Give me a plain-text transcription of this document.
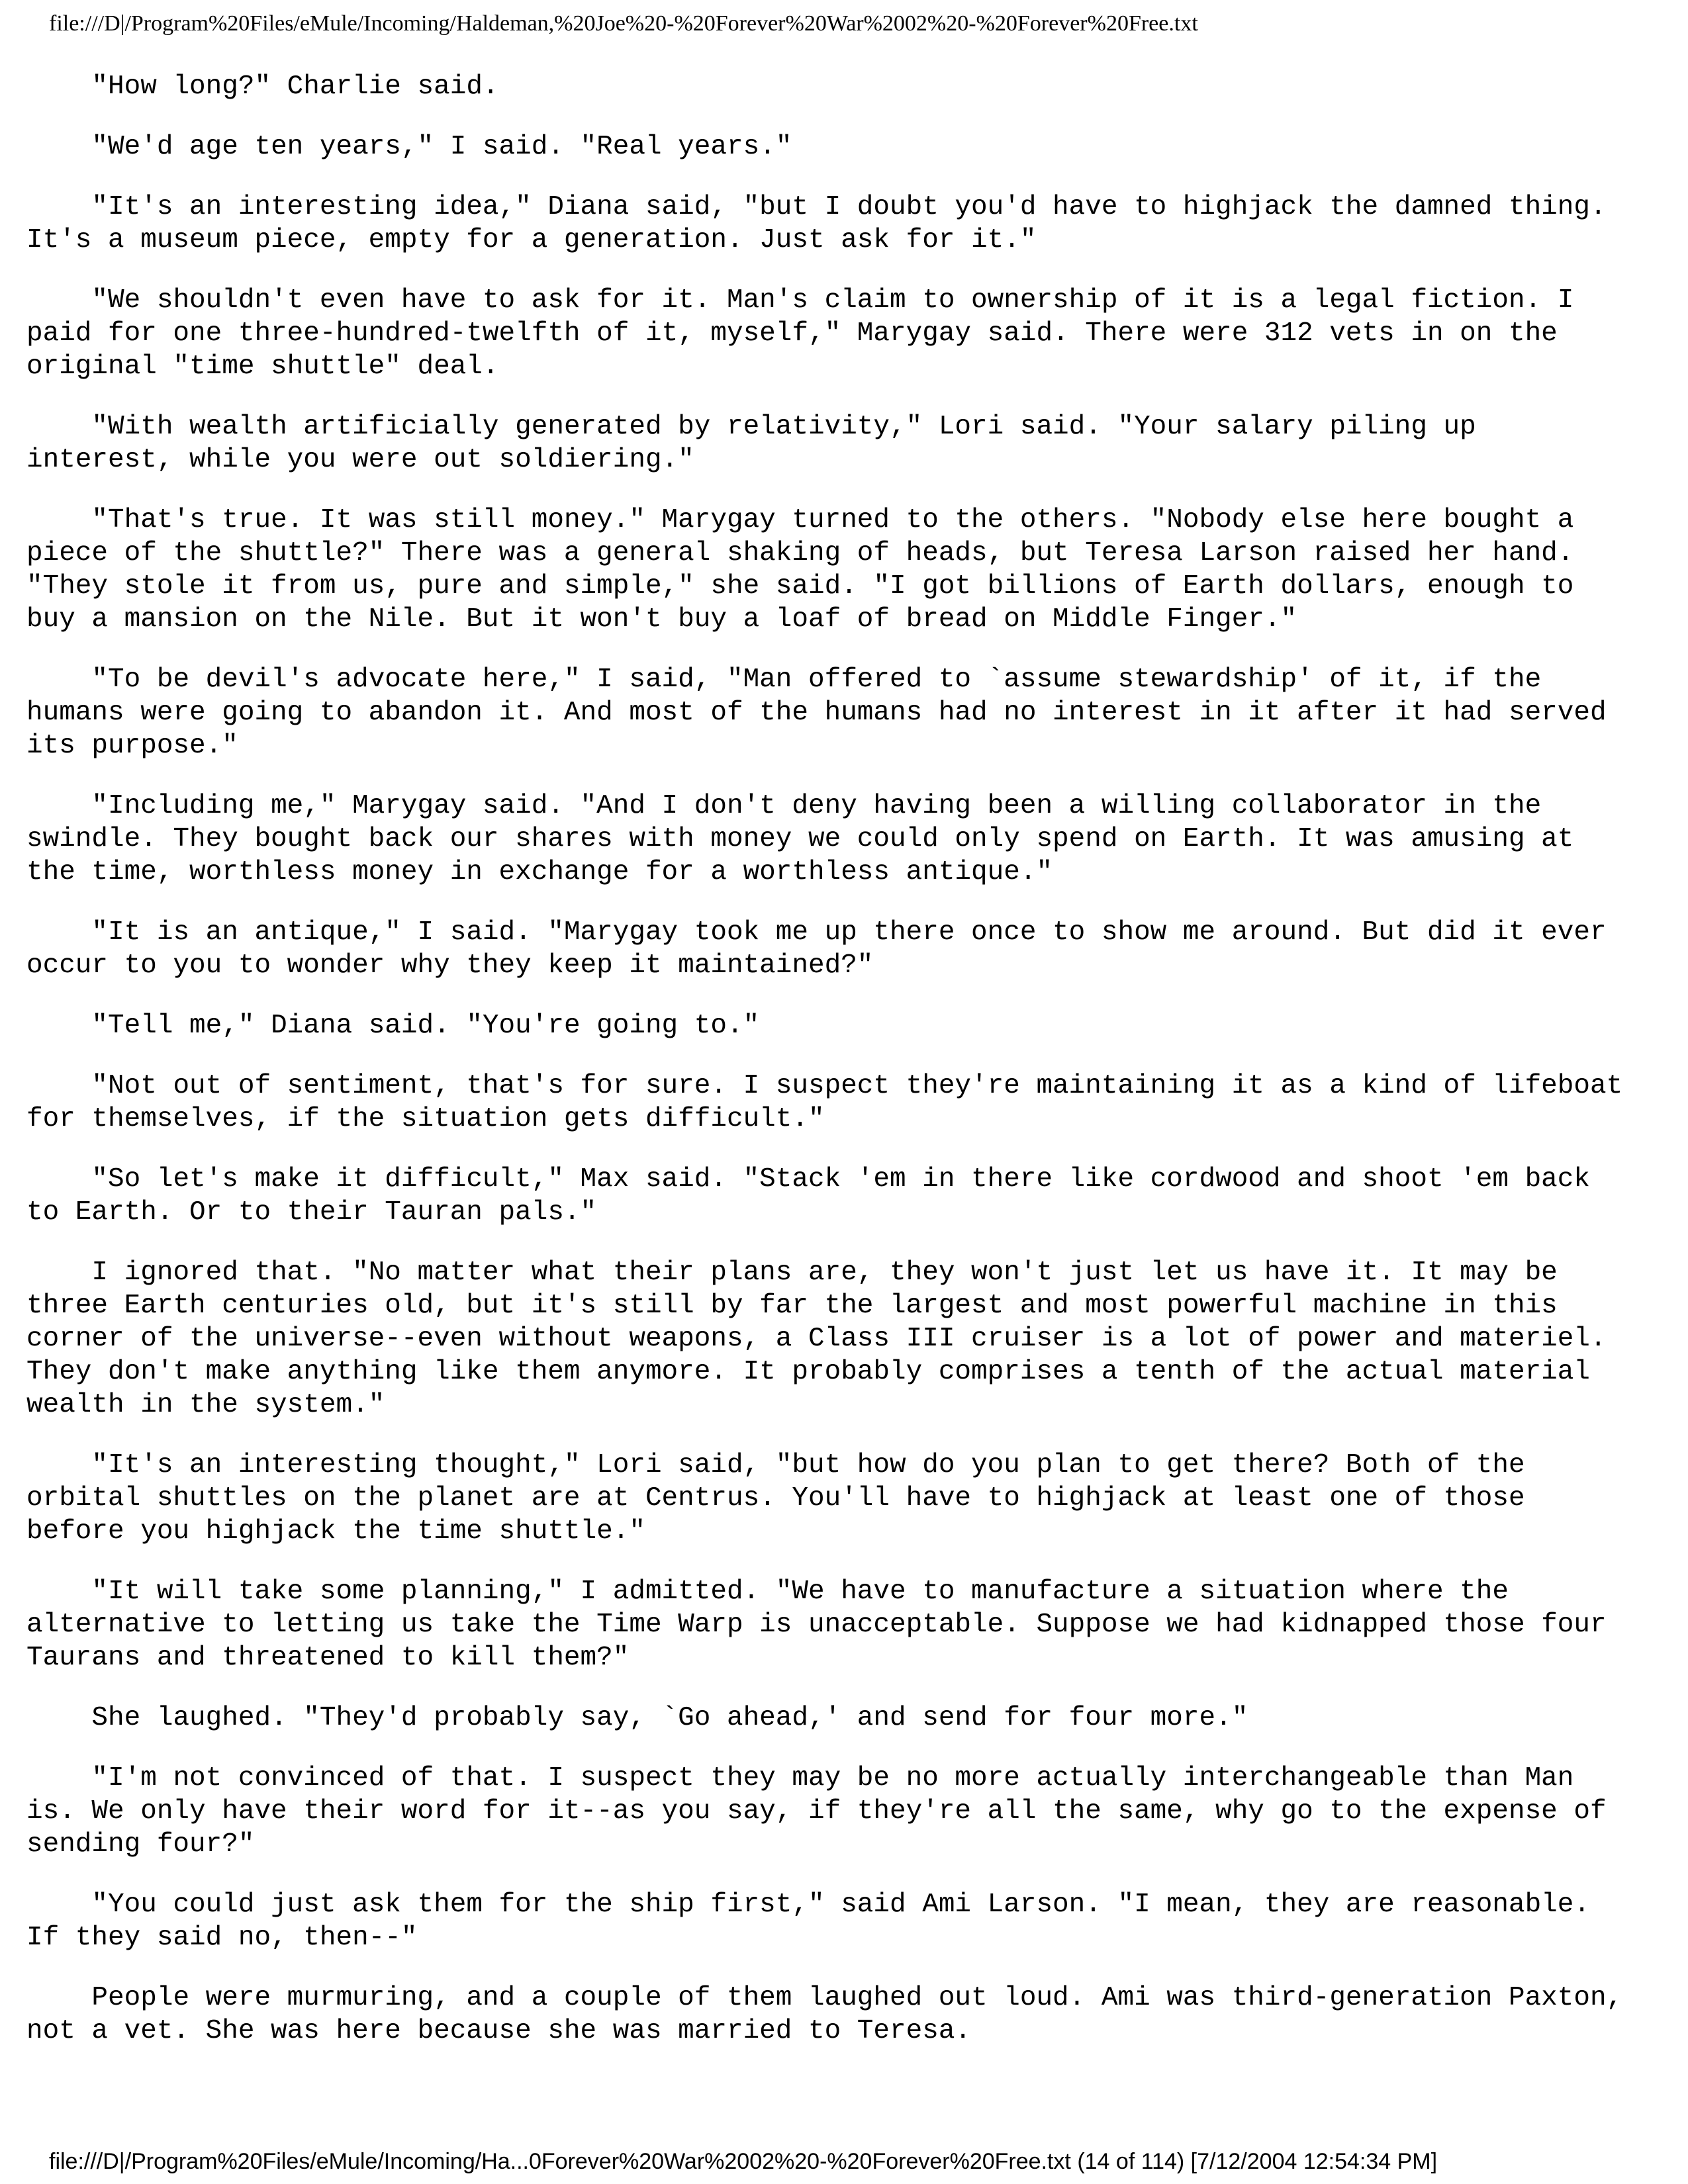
file:///D|/Program%20Files/eMule/Incoming/Haldeman,%20Joe%20-%20Forever%20War%2002%20-%20Forever%20Free.txt

"How long?" Charlie said.

"We'd age ten years," I said. "Real years."

"It's an interesting idea," Diana said, "but I doubt you'd have to highjack the damned thing.
It's a museum piece, empty for a generation. Just ask for it."

"We shouldn't even have to ask for it. Man's claim to ownership of it is a legal fiction. I
paid for one three-hundred-twelfth of it, myself," Marygay said. There were 312 vets in on the
original "time shuttle" deal.

"With wealth artificially generated by relativity," Lori said. "Your salary piling up
interest, while you were out soldiering."

"That's true. It was still money." Marygay turned to the others. "Nobody else here bought a
piece of the shuttle?" There was a general shaking of heads, but Teresa Larson raised her hand.
"They stole it from us, pure and simple," she said. "I got billions of Earth dollars, enough to
buy a mansion on the Nile. But it won't buy a loaf of bread on Middle Finger."

"To be devil's advocate here," I said, "Man offered to `assume stewardship' of it, if the
humans were going to abandon it. And most of the humans had no interest in it after it had served
its purpose."

"Including me," Marygay said. "And I don't deny having been a willing collaborator in the
swindle. They bought back our shares with money we could only spend on Earth. It was amusing at
the time, worthless money in exchange for a worthless antique."

"It is an antique," I said. "Marygay took me up there once to show me around. But did it ever
occur to you to wonder why they keep it maintained?"

"Tell me," Diana said. "You're going to."

"Not out of sentiment, that's for sure. I suspect they're maintaining it as a kind of lifeboat
for themselves, if the situation gets difficult."

"So let's make it difficult," Max said. "Stack 'em in there like cordwood and shoot 'em back
to Earth. Or to their Tauran pals."

I ignored that. "No matter what their plans are, they won't just let us have it. It may be
three Earth centuries old, but it's still by far the largest and most powerful machine in this
corner of the universe--even without weapons, a Class III cruiser is a lot of power and materiel.
They don't make anything like them anymore. It probably comprises a tenth of the actual material
wealth in the system."

"It's an interesting thought," Lori said, "but how do you plan to get there? Both of the
orbital shuttles on the planet are at Centrus. You'll have to highjack at least one of those
before you highjack the time shuttle."

"It will take some planning," I admitted. "We have to manufacture a situation where the
alternative to letting us take the Time Warp is unacceptable. Suppose we had kidnapped those four
Taurans and threatened to kill them?"

She laughed. "They'd probably say, `Go ahead,' and send for four more."

"I'm not convinced of that. I suspect they may be no more actually interchangeable than Man
is. We only have their word for it--as you say, if they're all the same, why go to the expense of
sending four?"

"You could just ask them for the ship first," said Ami Larson. "I mean, they are reasonable.
If they said no, then--"

People were murmuring, and a couple of them laughed out loud. Ami was third-generation Paxton,
not a vet. She was here because she was married to Teresa.

file:///D|/Program%20Files/eMule/Incoming/Ha...0Forever%20War%2002%20-%20Forever%20Free.txt (14 of 114) [7/12/2004 12:54:34 PM]
